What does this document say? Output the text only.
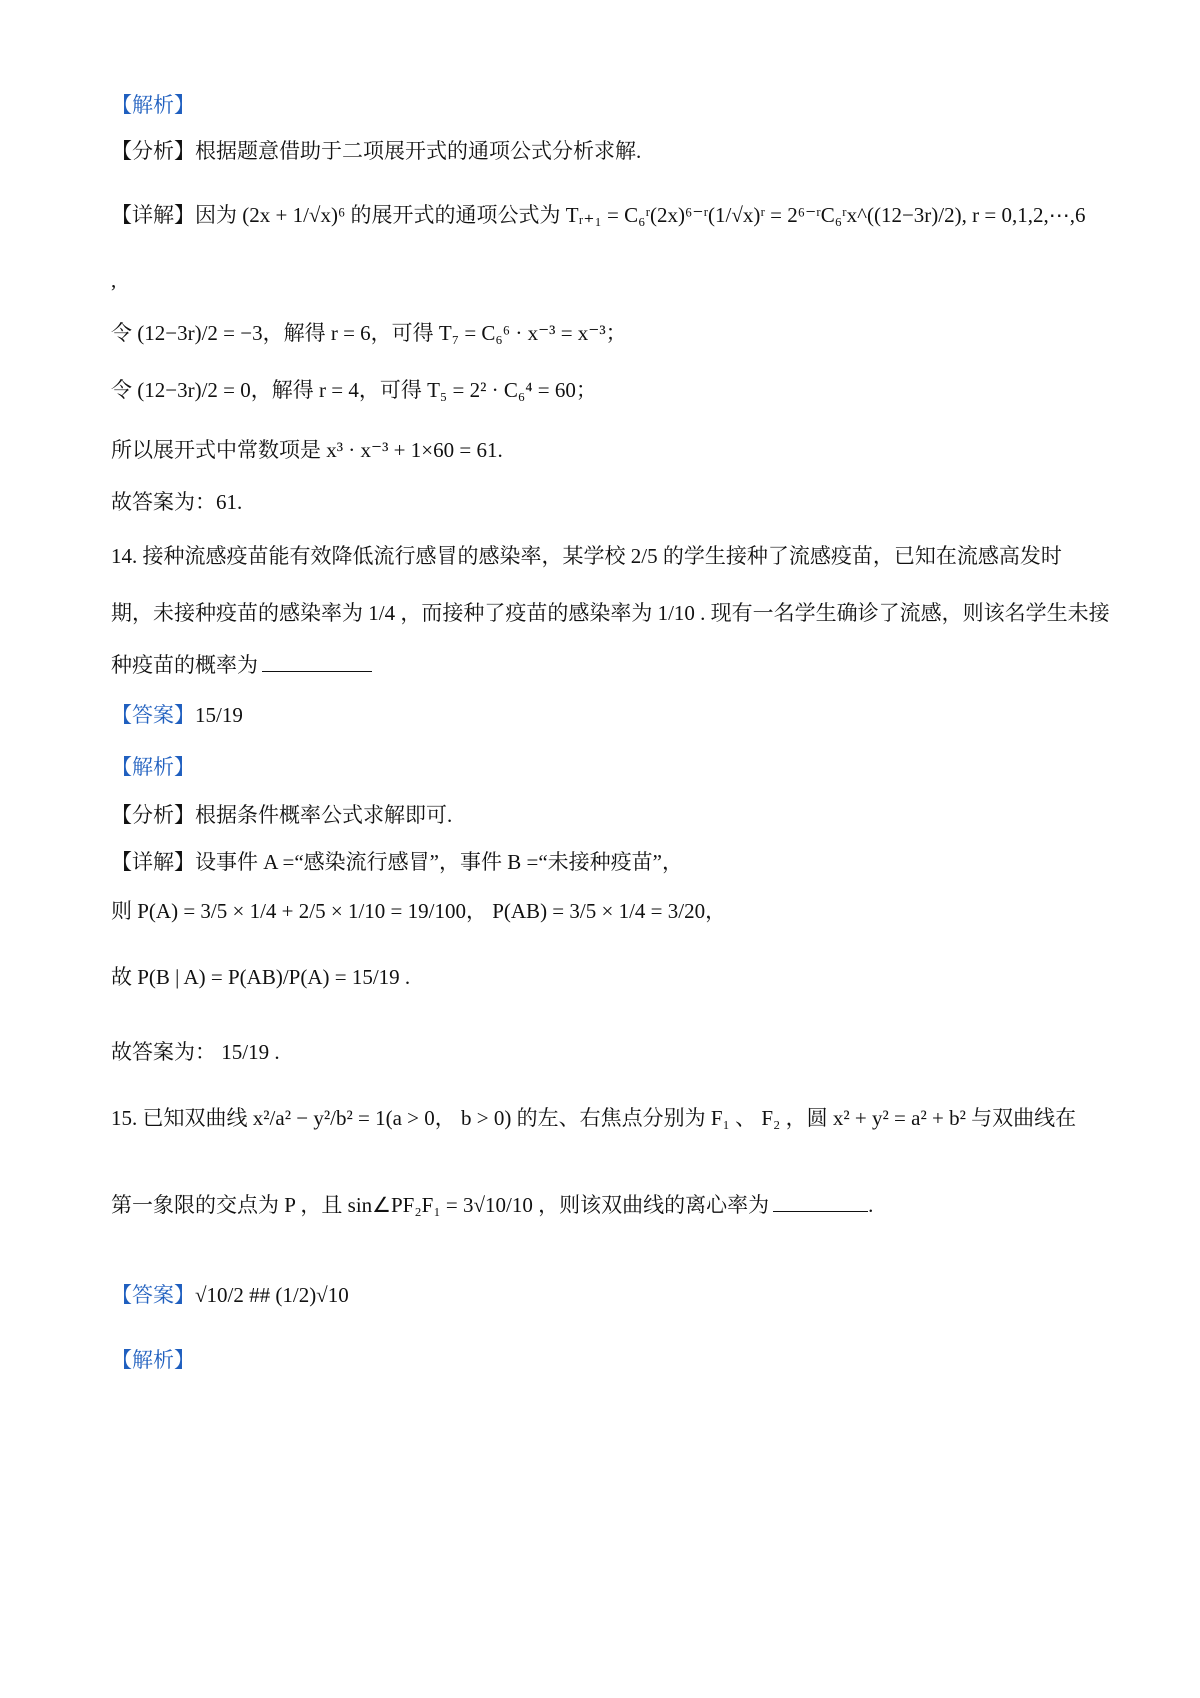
【解析】
【分析】根据题意借助于二项展开式的通项公式分析求解.
【详解】因为 (2x + 1/√x)⁶ 的展开式的通项公式为 Tᵣ₊₁ = C₆ʳ(2x)⁶⁻ʳ(1/√x)ʳ = 2⁶⁻ʳC₆ʳx^((12−3r)/2), r = 0,1,2,⋯,6
,
令 (12−3r)/2 = −3，解得 r = 6，可得 T₇ = C₆⁶ · x⁻³ = x⁻³；
令 (12−3r)/2 = 0，解得 r = 4，可得 T₅ = 2² · C₆⁴ = 60；
所以展开式中常数项是 x³ · x⁻³ + 1×60 = 61.
故答案为：61.
14. 接种流感疫苗能有效降低流行感冒的感染率，某学校 2/5 的学生接种了流感疫苗，已知在流感高发时
期，未接种疫苗的感染率为 1/4 ，而接种了疫苗的感染率为 1/10 . 现有一名学生确诊了流感，则该名学生未接
种疫苗的概率为
【答案】15/19
【解析】
【分析】根据条件概率公式求解即可.
【详解】设事件 A =“感染流行感冒”，事件 B =“未接种疫苗”，
则 P(A) = 3/5 × 1/4 + 2/5 × 1/10 = 19/100， P(AB) = 3/5 × 1/4 = 3/20，
故 P(B | A) = P(AB)/P(A) = 15/19 .
故答案为： 15/19 .
15. 已知双曲线 x²/a² − y²/b² = 1(a > 0， b > 0) 的左、右焦点分别为 F₁ 、 F₂ ，圆 x² + y² = a² + b² 与双曲线在
第一象限的交点为 P ，且 sin∠PF₂F₁ = 3√10/10 ，则该双曲线的离心率为	.
【答案】√10/2 ## (1/2)√10
【解析】
